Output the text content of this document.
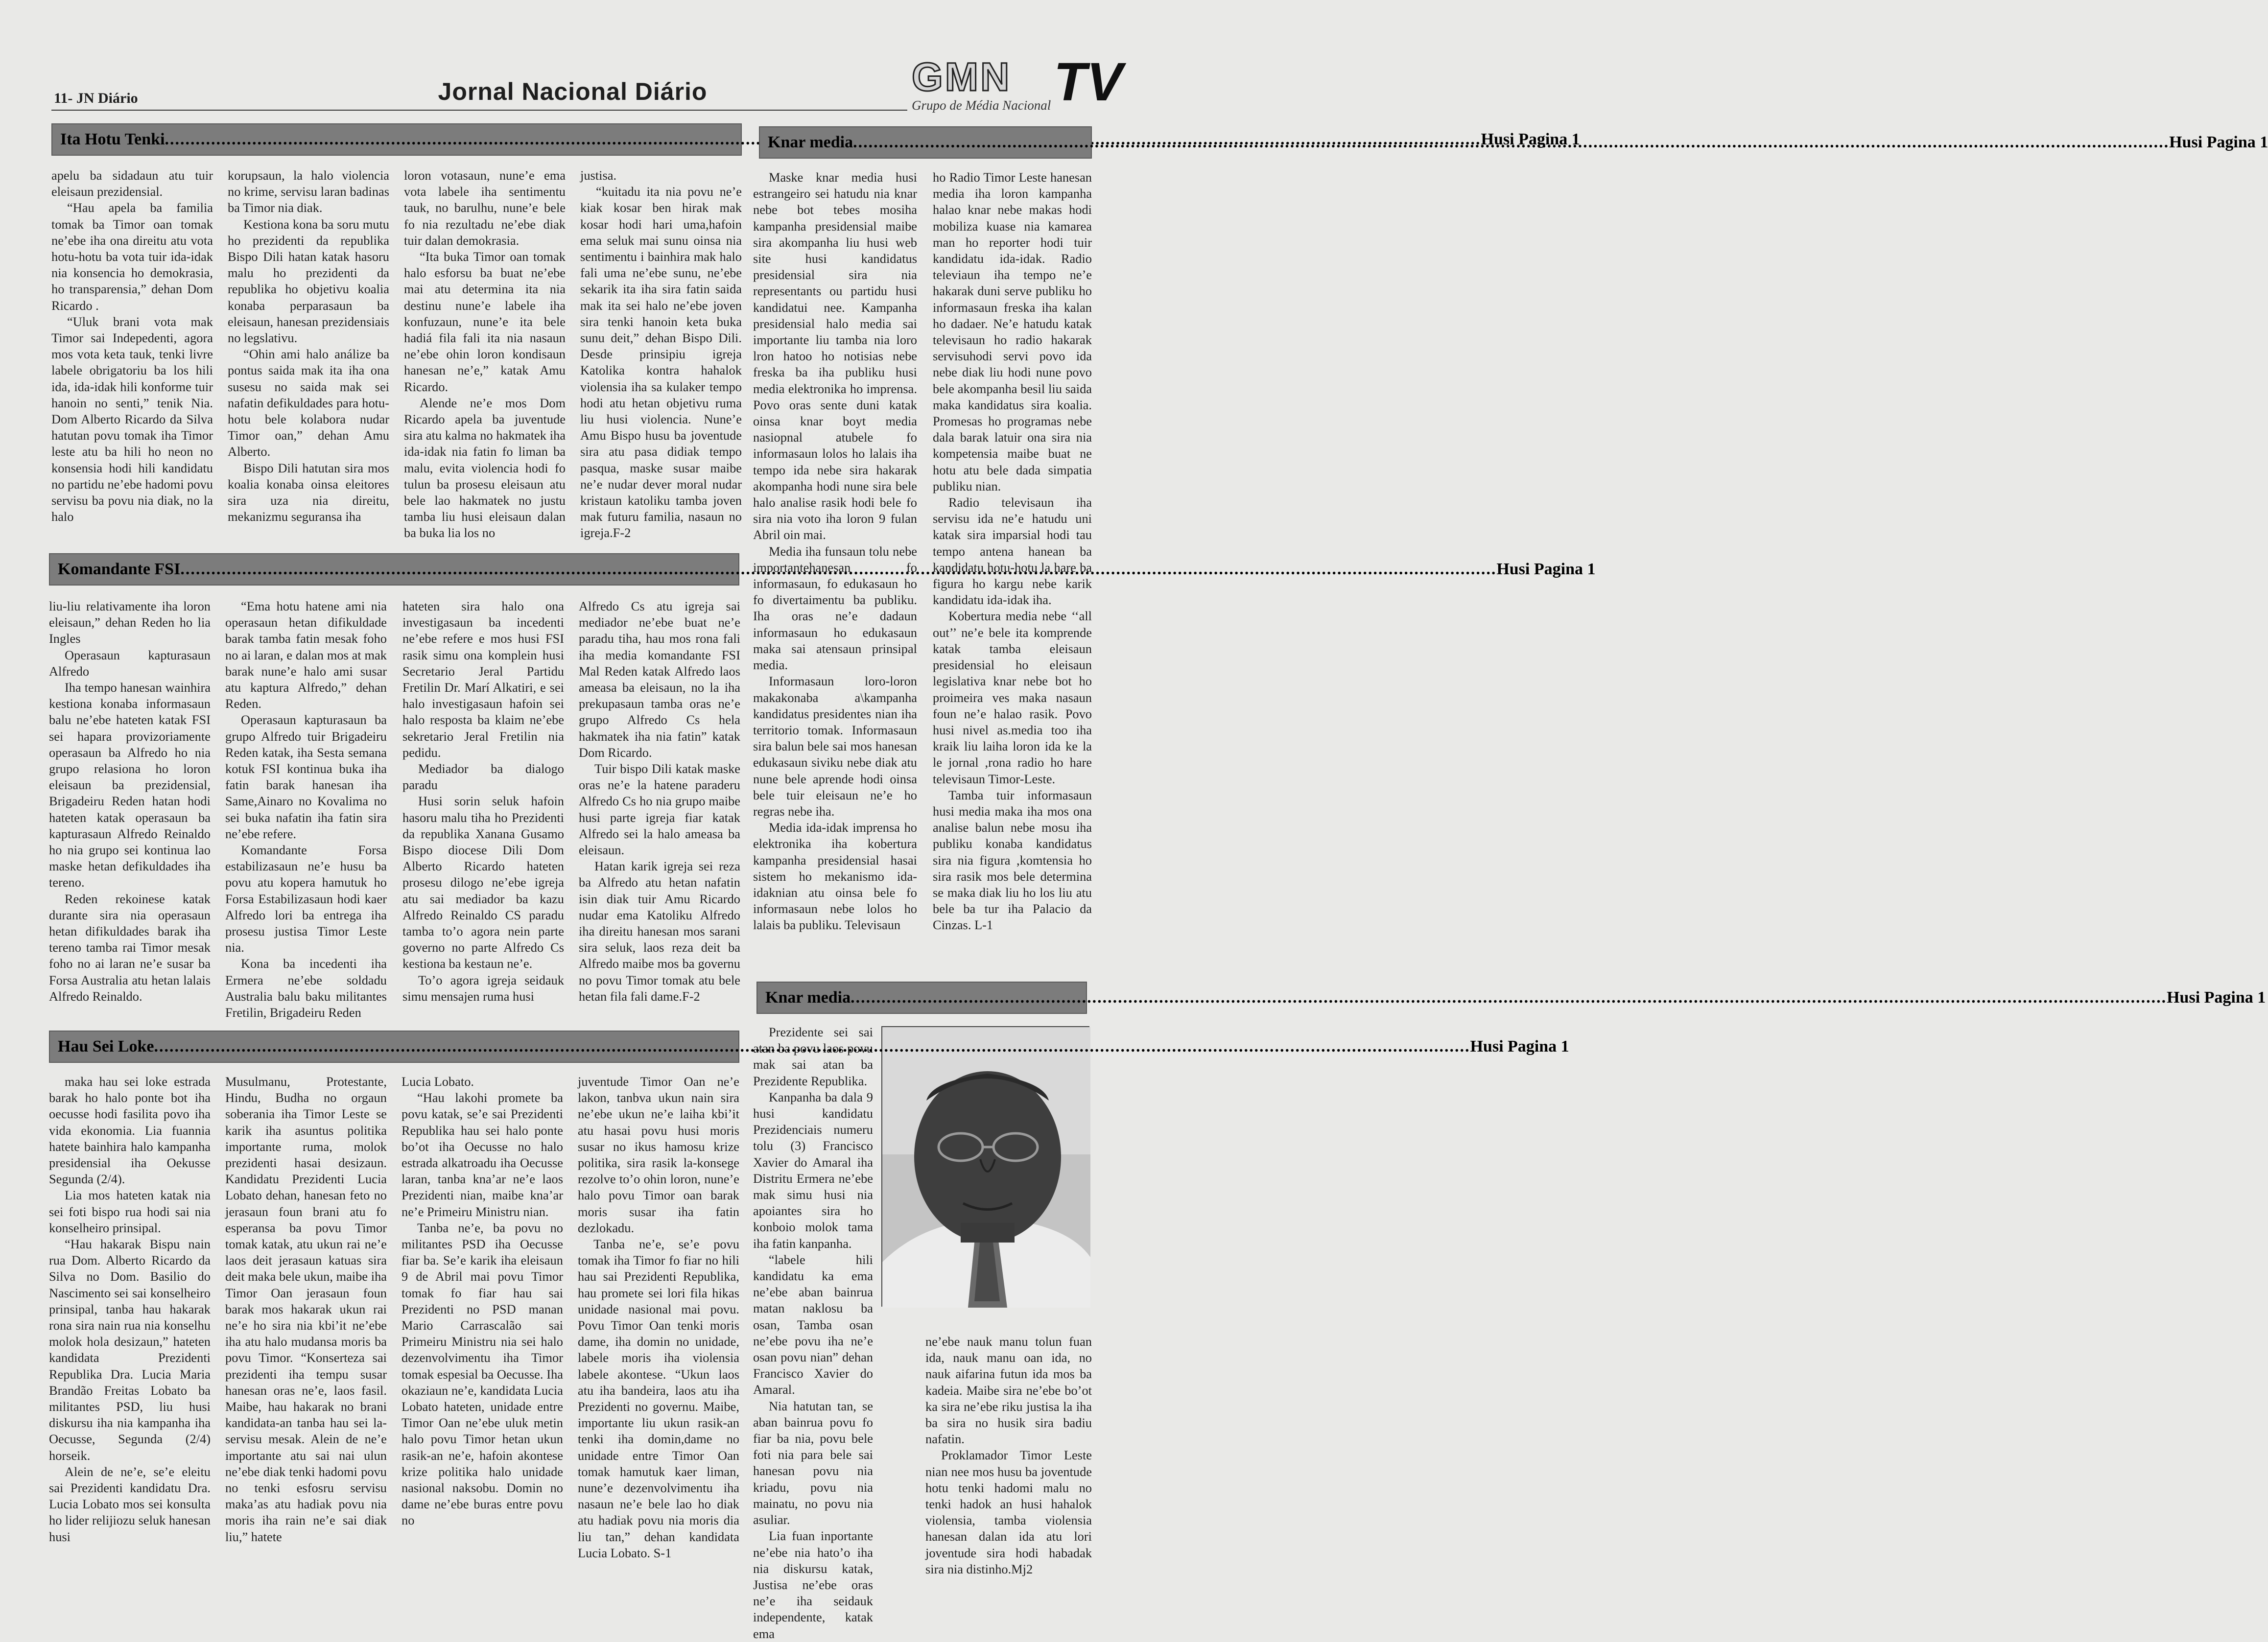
11- JN Diário	Jornal Nacional Diário	GMN TV
Grupo de Média Nacional
Ita Hotu Tenki .....	Husi Pagina 1

apelu ba sidadaun atu tuir eleisaun prezidensial.

“Hau apela ba familia tomak ba Timor oan tomak ne’ebe iha ona direitu atu vota hotu-hotu ba vota tuir ida-idak nia konsencia ho demokrasia, ho transparensia,” dehan Dom Ricardo .

“Uluk brani vota mak Timor sai Indepedenti, agora mos vota keta tauk, tenki livre labele obrigatoriu ba los hili ida, ida-idak hili konforme tuir hanoin no senti,” tenik Nia. Dom Alberto Ricardo da Silva hatutan povu tomak iha Timor leste atu ba hili ho neon no konsensia hodi hili kandidatu no partidu ne’ebe hadomi povu servisu ba povu nia diak, no la halo

korupsaun, la halo violencia no krime, servisu laran badinas ba Timor nia diak.

Kestiona kona ba soru mutu ho prezidenti da republika Bispo Dili hatan katak hasoru malu ho prezidenti da republika ho objetivu koalia konaba perparasaun ba eleisaun, hanesan prezidensiais no legslativu.

“Ohin ami halo análize ba pontus saida mak ita iha ona susesu no saida mak sei nafatin defikuldades para hotu-hotu bele kolabora nudar Timor oan,” dehan Amu Alberto.

Bispo Dili hatutan sira mos koalia konaba oinsa eleitores sira uza nia direitu, mekanizmu seguransa iha

loron votasaun, nune’e ema vota labele iha sentimentu tauk, no barulhu, nune’e bele fo nia rezultadu ne’ebe diak tuir dalan demokrasia.

“Ita buka Timor oan tomak halo esforsu ba buat ne’ebe mai atu determina ita nia destinu nune’e labele iha konfuzaun, nune’e ita bele hadiá fila fali ita nia nasaun ne’ebe ohin loron kondisaun hanesan ne’e,” katak Amu Ricardo.

Alende ne’e mos Dom Ricardo apela ba juventude sira atu kalma no hakmatek iha ida-idak nia fatin fo liman ba malu, evita violencia hodi fo tulun ba prosesu eleisaun atu bele lao hakmatek no justu tamba liu husi eleisaun dalan ba buka lia los no

justisa.

“kuitadu ita nia povu ne’e kiak kosar ben hirak mak kosar hodi hari uma,hafoin ema seluk mai sunu oinsa nia sentimentu i bainhira mak halo fali uma ne’ebe sunu, ne’ebe sekarik ita iha sira fatin saida mak ita sei halo ne’ebe joven sira tenki hanoin keta buka sunu deit,” dehan Bispo Dili. Desde prinsipiu igreja Katolika kontra hahalok violensia iha sa kulaker tempo hodi atu hetan objetivu ruma liu husi violencia. Nune’e Amu Bispo husu ba joventude sira atu pasa didiak tempo pasqua, maske susar maibe ne’e nudar dever moral nudar kristaun katoliku tamba joven mak futuru familia, nasaun no igreja.F-2

Knar media .....	Husi Pagina 1

Maske knar media husi estrangeiro sei hatudu nia knar nebe bot tebes mosiha kampanha presidensial maibe sira akompanha liu husi web site husi kandidatus presidensial sira nia representants ou partidu husi kandidatui nee. Kampanha presidensial halo media sai importante liu tamba nia loro lron hatoo ho notisias nebe freska ba iha publiku husi media elektronika ho imprensa. Povo oras sente duni katak oinsa knar boyt media nasiopnal atubele fo informasaun lolos ho lalais iha tempo ida nebe sira hakarak akompanha hodi nune sira bele halo analise rasik hodi bele fo sira nia voto iha loron 9 fulan Abril oin mai.

Media iha funsaun tolu nebe importantehanesan fo informasaun, fo edukasaun ho fo divertaimentu ba publiku. Iha oras ne’e dadaun informasaun ho edukasaun maka sai atensaun prinsipal media.

Informasaun loro-loron makakonaba a\kampanha kandidatus presidentes nian iha territorio tomak. Informasaun sira balun bele sai mos hanesan edukasaun siviku nebe diak atu nune bele aprende hodi oinsa bele tuir eleisaun ne’e ho regras nebe iha.

Media ida-idak imprensa ho elektronika iha kobertura kampanha presidensial hasai sistem ho mekanismo ida-idaknian atu oinsa bele fo informasaun nebe lolos ho lalais ba publiku. Televisaun

ho Radio Timor Leste hanesan media iha loron kampanha halao knar nebe makas hodi mobiliza kuase nia kamarea man ho reporter hodi tuir kandidatu ida-idak. Radio televiaun iha tempo ne’e hakarak duni serve publiku ho informasaun freska iha kalan ho dadaer. Ne’e hatudu katak televisaun ho radio hakarak servisuhodi servi povo ida nebe diak liu hodi nune povo bele akompanha besil liu saida maka kandidatus sira koalia. Promesas ho programas nebe dala barak latuir ona sira nia kompetensia maibe buat ne hotu atu bele dada simpatia publiku nian.

Radio televisaun iha servisu ida ne’e hatudu uni katak sira imparsial hodi tau tempo antena hanean ba kandidatu hotu-hotu la hare ba figura ho kargu nebe karik kandidatu ida-idak iha.

Kobertura media nebe ‘‘all out’’ ne’e bele ita komprende katak tamba eleisaun presidensial ho eleisaun legislativa knar nebe bot ho proimeira ves maka nasaun foun ne’e halao rasik. Povo husi nivel as.media too iha kraik liu laiha loron ida ke la le jornal ,rona radio ho hare televisaun Timor-Leste.

Tamba tuir informasaun husi media maka iha mos ona analise balun nebe mosu iha publiku konaba kandidatus sira nia figura ,komtensia ho sira rasik mos bele determina se maka diak liu ho los liu atu bele ba tur iha Palacio da Cinzas. L-1

Komandante FSI .....	Husi Pagina 1

liu-liu relativamente iha loron eleisaun,” dehan Reden ho lia Ingles

Operasaun kapturasaun Alfredo

Iha tempo hanesan wainhira kestiona konaba informasaun balu ne’ebe hateten katak FSI sei hapara provizoriamente operasaun ba Alfredo ho nia grupo relasiona ho loron eleisaun ba prezidensial, Brigadeiru Reden hatan hodi hateten katak operasaun ba kapturasaun Alfredo Reinaldo ho nia grupo sei kontinua lao maske hetan defikuldades iha tereno.

Reden rekoinese katak durante sira nia operasaun hetan difikuldades barak iha tereno tamba rai Timor mesak foho no ai laran ne’e susar ba Forsa Australia atu hetan lalais Alfredo Reinaldo.

“Ema hotu hatene ami nia operasaun hetan difikuldade barak tamba fatin mesak foho no ai laran, e dalan mos at mak barak nune’e halo ami susar atu kaptura Alfredo,” dehan Reden.

Operasaun kapturasaun ba grupo Alfredo tuir Brigadeiru Reden katak, iha Sesta semana kotuk FSI kontinua buka iha fatin barak hanesan iha Same,Ainaro no Kovalima no sei buka nafatin iha fatin sira ne’ebe refere.

Komandante Forsa estabilizasaun ne’e husu ba povu atu kopera hamutuk ho Forsa Estabilizasaun hodi kaer Alfredo lori ba entrega iha prosesu justisa Timor Leste nia.

Kona ba incedenti iha Ermera ne’ebe soldadu Australia balu baku militantes Fretilin, Brigadeiru Reden

hateten sira halo ona investigasaun ba incedenti ne’ebe refere e mos husi FSI rasik simu ona komplein husi Secretario Jeral Partidu Fretilin Dr. Marí Alkatiri, e sei halo investigasaun hafoin sei halo resposta ba klaim ne’ebe sekretario Jeral Fretilin nia pedidu.

Mediador ba dialogo paradu

Husi sorin seluk hafoin hasoru malu tiha ho Prezidenti da republika Xanana Gusamo Bispo diocese Dili Dom Alberto Ricardo hateten prosesu dilogo ne’ebe igreja atu sai mediador ba kazu Alfredo Reinaldo CS paradu tamba to’o agora nein parte governo no parte Alfredo Cs kestiona ba kestaun ne’e.

To’o agora igreja seidauk simu mensajen ruma husi

Alfredo Cs atu igreja sai mediador ne’ebe buat ne’e paradu tiha, hau mos rona fali iha media komandante FSI Mal Reden katak Alfredo laos ameasa ba eleisaun, no la iha prekupasaun tamba oras ne’e grupo Alfredo Cs hela hakmatek iha nia fatin” katak Dom Ricardo.

Tuir bispo Dili katak maske oras ne’e la hatene paraderu Alfredo Cs ho nia grupo maibe husi parte igreja fiar katak Alfredo sei la halo ameasa ba eleisaun.

Hatan karik igreja sei reza ba Alfredo atu hetan nafatin isin diak tuir Amu Ricardo nudar ema Katoliku Alfredo iha direitu hanesan mos sarani sira seluk, laos reza deit ba Alfredo maibe mos ba governu no povu Timor tomak atu bele hetan fila fali dame.F-2	Knar media .....	Husi Pagina 1

Prezidente sei sai atan ba povu laos povu mak sai atan ba Prezidente Republika.

Kanpanha ba dala 9 husi kandidatu Prezidenciais numeru tolu (3) Francisco Xavier do Amaral iha Distritu Ermera ne’ebe mak simu husi nia apoiantes sira ho konboio molok tama iha fatin kanpanha.

“labele hili kandidatu ka ema ne’ebe aban bainrua matan naklosu ba osan, Tamba osan ne’ebe povu iha ne’e osan povu nian” dehan Francisco Xavier do Amaral.

Nia hatutan tan, se aban bainrua povu fo fiar ba nia, povu bele foti nia para bele sai hanesan povu nia kriadu, povu nia mainatu, no povu nia asuliar.

Lia fuan inportante ne’ebe nia hato’o iha nia diskursu katak, Justisa ne’ebe oras ne’e iha seidauk independente, katak ema

ne’ebe nauk manu tolun fuan ida, nauk manu oan ida, no nauk aifarina futun ida mos ba kadeia. Maibe sira ne’ebe bo’ot ka sira ne’ebe riku justisa la iha ba sira no husik sira badiu nafatin.

Proklamador Timor Leste nian nee mos husu ba joventude hotu tenki hadomi malu no tenki hadok an husi hahalok violensia, tamba violensia hanesan dalan ida atu lori joventude sira hodi habadak sira nia distinho.Mj2

Hau Sei Loke .....	Husi Pagina 1

maka hau sei loke estrada barak ho halo ponte bot iha oecusse hodi fasilita povo iha vida ekonomia. Lia fuannia hatete bainhira halo kampanha presidensial iha Oekusse Segunda (2/4).

Lia mos hateten katak nia sei foti bispo rua hodi sai nia konselheiro prinsipal.

“Hau hakarak Bispu nain rua Dom. Alberto Ricardo da Silva no Dom. Basilio do Nascimento sei sai konselheiro prinsipal, tanba hau hakarak rona sira nain rua nia konselhu molok hola desizaun,” hateten kandidata Prezidenti Republika Dra. Lucia Maria Brandão Freitas Lobato ba militantes PSD, liu husi diskursu iha nia kampanha iha Oecusse, Segunda (2/4) horseik.

Alein de ne’e, se’e eleitu sai Prezidenti kandidatu Dra. Lucia Lobato mos sei konsulta ho lider relijiozu seluk hanesan husi

Musulmanu, Protestante, Hindu, Budha no orgaun soberania iha Timor Leste se karik iha asuntus politika importante ruma, molok prezidenti hasai desizaun. Kandidatu Prezidenti Lucia Lobato dehan, hanesan feto no jerasaun foun brani atu fo esperansa ba povu Timor tomak katak, atu ukun rai ne’e laos deit jerasaun katuas sira deit maka bele ukun, maibe iha Timor Oan jerasaun foun barak mos hakarak ukun rai ne’e ho sira nia kbi’it ne’ebe iha atu halo mudansa moris ba povu Timor. “Konserteza sai prezidenti iha tempu susar hanesan oras ne’e, laos fasil. Maibe, hau hakarak no brani kandidata-an tanba hau sei la-servisu mesak. Alein de ne’e importante atu sai nai ulun ne’ebe diak tenki hadomi povu no tenki esfosru servisu maka’as atu hadiak povu nia moris iha rain ne’e sai diak liu,” hatete

Lucia Lobato.

“Hau lakohi promete ba povu katak, se’e sai Prezidenti Republika hau sei halo ponte bo’ot iha Oecusse no halo estrada alkatroadu iha Oecusse laran, tanba kna’ar ne’e laos Prezidenti nian, maibe kna’ar ne’e Primeiru Ministru nian.

Tanba ne’e, ba povu no militantes PSD iha Oecusse fiar ba. Se’e karik iha eleisaun 9 de Abril mai povu Timor tomak fo fiar hau sai Prezidenti no PSD manan Mario Carrascalão sai Primeiru Ministru nia sei halo dezenvolvimentu iha Timor tomak espesial ba Oecusse. Iha okaziaun ne’e, kandidata Lucia Lobato hateten, unidade entre Timor Oan ne’ebe uluk metin halo povu Timor hetan ukun rasik-an ne’e, hafoin akontese krize politika halo unidade nasional naksobu. Domin no dame ne’ebe buras entre povu no

juventude Timor Oan ne’e lakon, tanbva ukun nain sira ne’ebe ukun ne’e laiha kbi’it atu hasai povu husi moris susar no ikus hamosu krize politika, sira rasik la-konsege rezolve to’o ohin loron, nune’e halo povu Timor oan barak moris susar iha fatin dezlokadu.

Tanba ne’e, se’e povu tomak iha Timor fo fiar no hili hau sai Prezidenti Republika, hau promete sei lori fila hikas unidade nasional mai povu. Povu Timor Oan tenki moris dame, iha domin no unidade, labele moris iha violensia labele akontese. “Ukun laos atu iha bandeira, laos atu iha Prezidenti no governu. Maibe, importante liu ukun rasik-an tenki iha domin,dame no unidade entre Timor Oan tomak hamutuk kaer liman, nune’e dezenvolvimentu iha nasaun ne’e bele lao ho diak atu hadiak povu nia moris dia liu tan,” dehan kandidata Lucia Lobato. S-1
